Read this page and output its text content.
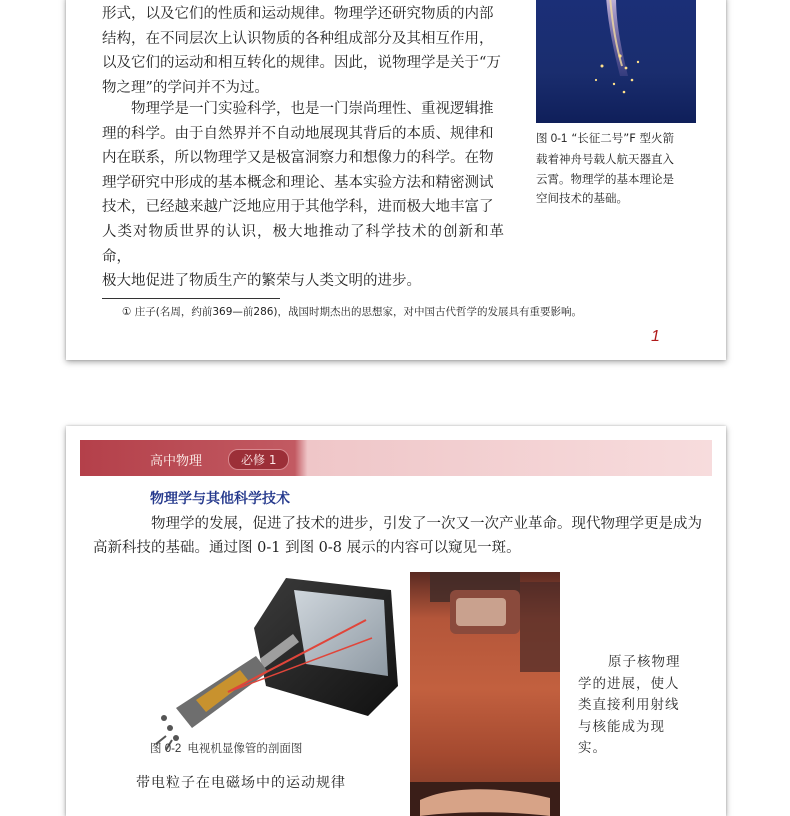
形式，以及它们的性质和运动规律。物理学还研究物质的内部
结构，在不同层次上认识物质的各种组成部分及其相互作用，
以及它们的运动和相互转化的规律。因此，说物理学是关于“万
物之理”的学问并不为过。
物理学是一门实验科学，也是一门崇尚理性、重视逻辑推
理的科学。由于自然界并不自动地展现其背后的本质、规律和
内在联系，所以物理学又是极富洞察力和想像力的科学。在物
理学研究中形成的基本概念和理论、基本实验方法和精密测试
技术，已经越来越广泛地应用于其他学科，进而极大地丰富了
人类对物质世界的认识，极大地推动了科学技术的创新和革命，
极大地促进了物质生产的繁荣与人类文明的进步。
图 0-1 “长征二号”F 型火箭
载着神舟号载人航天器直入
云霄。物理学的基本理论是
空间技术的基础。
① 庄子(名周，约前369—前286)，战国时期杰出的思想家，对中国古代哲学的发展具有重要影响。
1
高中物理	必修 1
物理学与其他科学技术
物理学的发展，促进了技术的进步，引发了一次又一次产业革命。现代物理学更是成为
高新科技的基础。通过图 0-1 到图 0-8 展示的内容可以窥见一斑。
图 0-2 电视机显像管的剖面图
带电粒子在电磁场中的运动规律
原子核物理
学的进展，使人
类直接利用射线
与核能成为现实。
